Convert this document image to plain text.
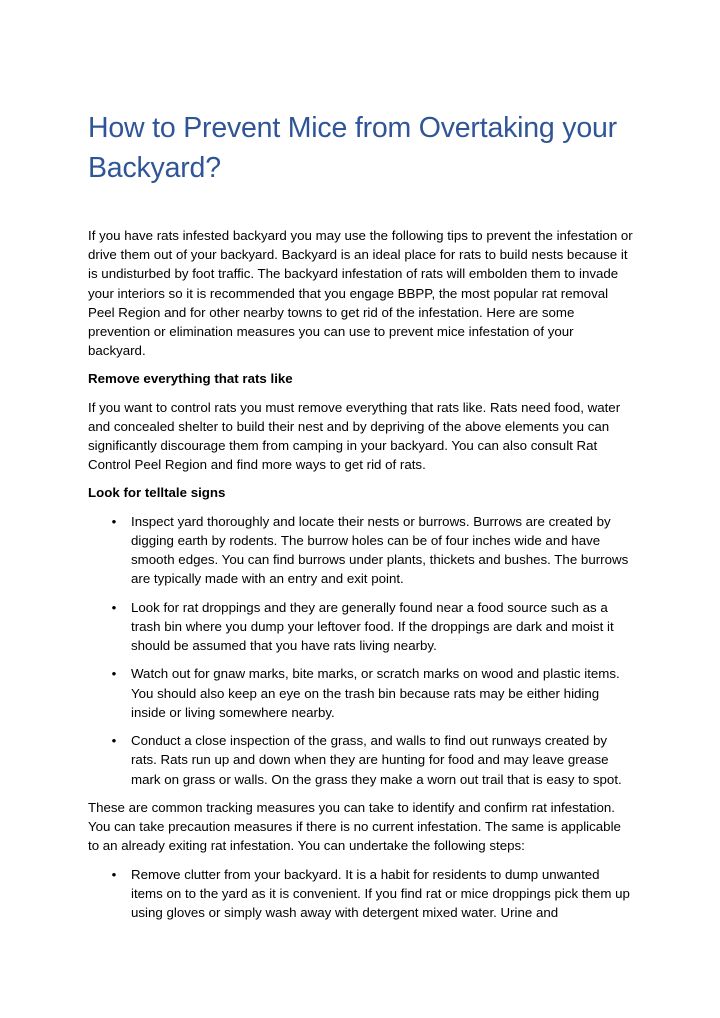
How to Prevent Mice from Overtaking your Backyard?

If you have rats infested backyard you may use the following tips to prevent the infestation or drive them out of your backyard. Backyard is an ideal place for rats to build nests because it is undisturbed by foot traffic. The backyard infestation of rats will embolden them to invade your interiors so it is recommended that you engage BBPP, the most popular rat removal Peel Region and for other nearby towns to get rid of the infestation. Here are some prevention or elimination measures you can use to prevent mice infestation of your backyard.

Remove everything that rats like

If you want to control rats you must remove everything that rats like. Rats need food, water and concealed shelter to build their nest and by depriving of the above elements you can significantly discourage them from camping in your backyard. You can also consult Rat Control Peel Region and find more ways to get rid of rats.

Look for telltale signs

• Inspect yard thoroughly and locate their nests or burrows. Burrows are created by digging earth by rodents. The burrow holes can be of four inches wide and have smooth edges. You can find burrows under plants, thickets and bushes. The burrows are typically made with an entry and exit point.
• Look for rat droppings and they are generally found near a food source such as a trash bin where you dump your leftover food. If the droppings are dark and moist it should be assumed that you have rats living nearby.
• Watch out for gnaw marks, bite marks, or scratch marks on wood and plastic items. You should also keep an eye on the trash bin because rats may be either hiding inside or living somewhere nearby.
• Conduct a close inspection of the grass, and walls to find out runways created by rats. Rats run up and down when they are hunting for food and may leave grease mark on grass or walls. On the grass they make a worn out trail that is easy to spot.

These are common tracking measures you can take to identify and confirm rat infestation. You can take precaution measures if there is no current infestation. The same is applicable to an already exiting rat infestation. You can undertake the following steps:

• Remove clutter from your backyard. It is a habit for residents to dump unwanted items on to the yard as it is convenient. If you find rat or mice droppings pick them up using gloves or simply wash away with detergent mixed water. Urine and
